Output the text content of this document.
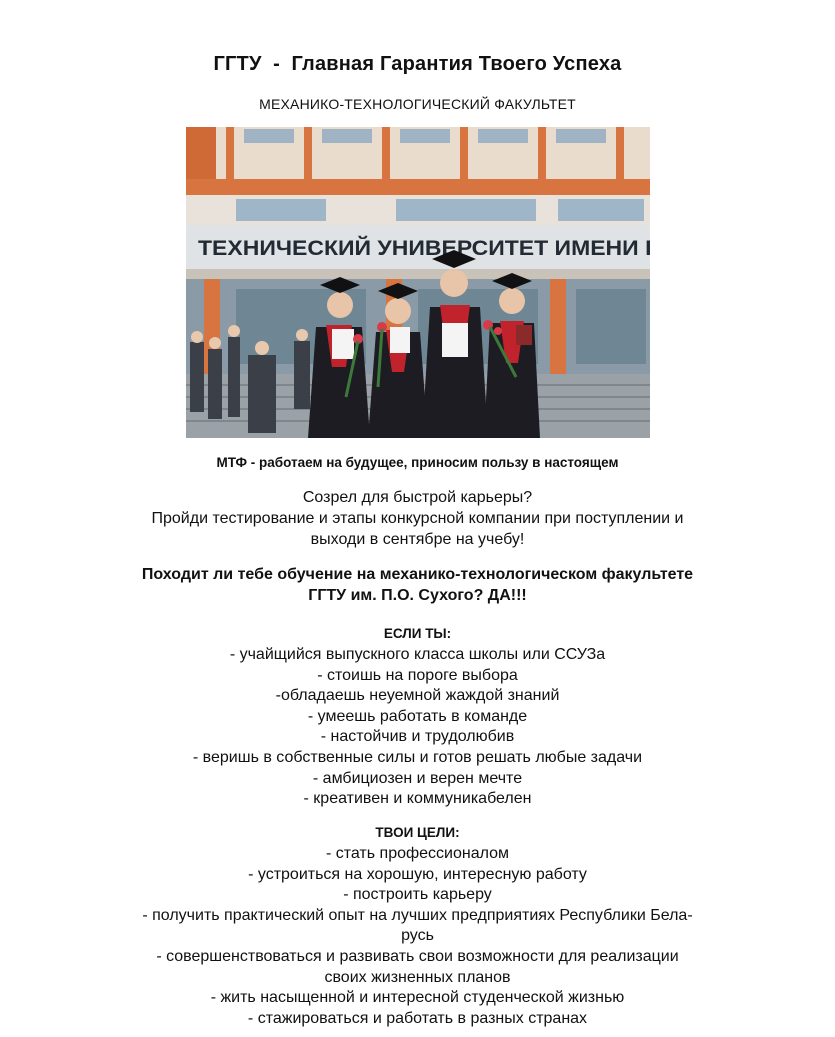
ГГТУ  -  Главная Гарантия Твоего Успеха
МЕХАНИКО-ТЕХНОЛОГИЧЕСКИЙ ФАКУЛЬТЕТ
ТЕХНИЧЕСКИЙ УНИВЕРСИТЕТ ИМЕНИ П.
МТФ - работаем на будущее, приносим пользу в настоящем
Созрел для быстрой карьеры?
Пройди тестирование и этапы конкурсной компании при поступлении и
выходи в сентябре на учебу!
Походит ли тебе обучение на механико-технологическом факультете
ГГТУ им. П.О. Сухого? ДА!!!
ЕСЛИ ТЫ:
- учайщийся выпускного класса школы или ССУЗа
- стоишь на пороге выбора
-обладаешь неуемной жаждой знаний
- умеешь работать в команде
- настойчив и трудолюбив
- веришь в собственные силы и готов решать любые задачи
- амбициозен и верен мечте
- креативен и коммуникабелен
ТВОИ ЦЕЛИ:
- стать профессионалом
- устроиться на хорошую, интересную работу
- построить карьеру
- получить практический опыт на лучших предприятиях Республики Бела-
русь
- совершенствоваться и развивать свои возможности для реализации
своих жизненных планов
- жить насыщенной и интересной студенческой жизнью
- стажироваться и работать в разных странах
